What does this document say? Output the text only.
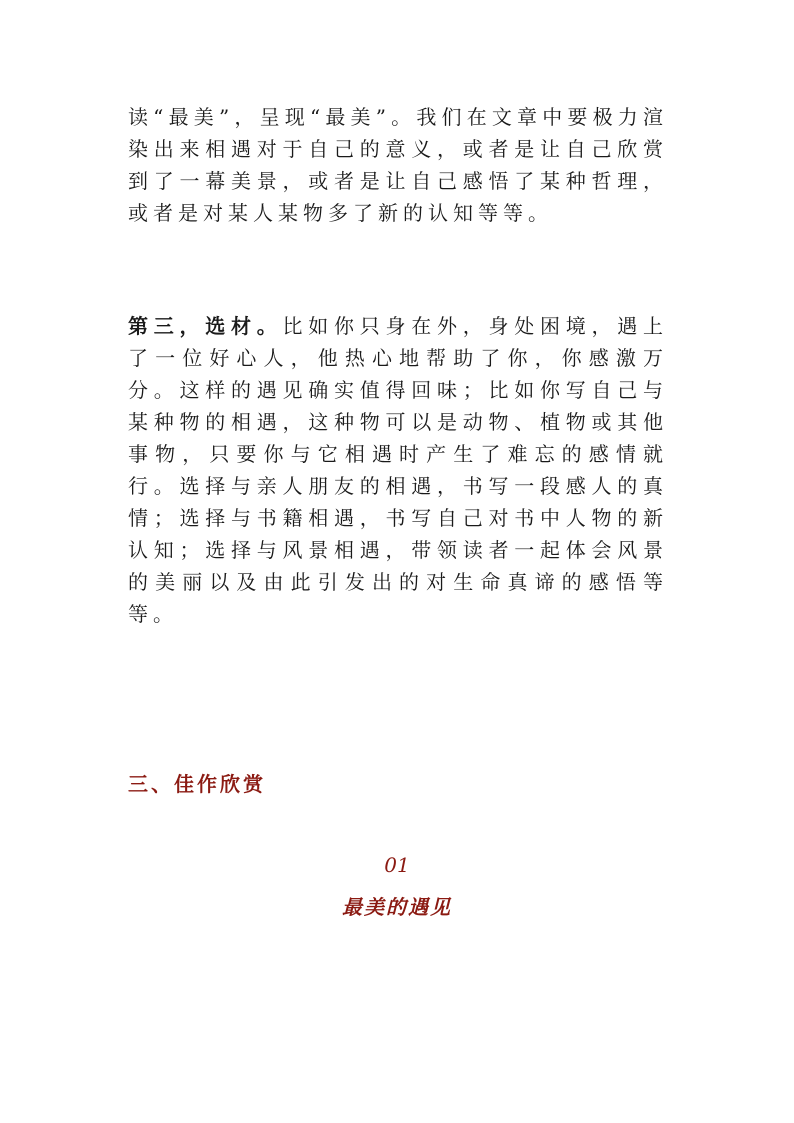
读“最美”，呈现“最美”。我们在文章中要极力渲染出来相遇对于自己的意义，或者是让自己欣赏到了一幕美景，或者是让自己感悟了某种哲理，或者是对某人某物多了新的认知等等。

第三，选材。比如你只身在外，身处困境，遇上了一位好心人，他热心地帮助了你，你感激万分。这样的遇见确实值得回味；比如你写自己与某种物的相遇，这种物可以是动物、植物或其他事物，只要你与它相遇时产生了难忘的感情就行。选择与亲人朋友的相遇，书写一段感人的真情；选择与书籍相遇，书写自己对书中人物的新认知；选择与风景相遇，带领读者一起体会风景的美丽以及由此引发出的对生命真谛的感悟等等。

三、佳作欣赏

01

最美的遇见
